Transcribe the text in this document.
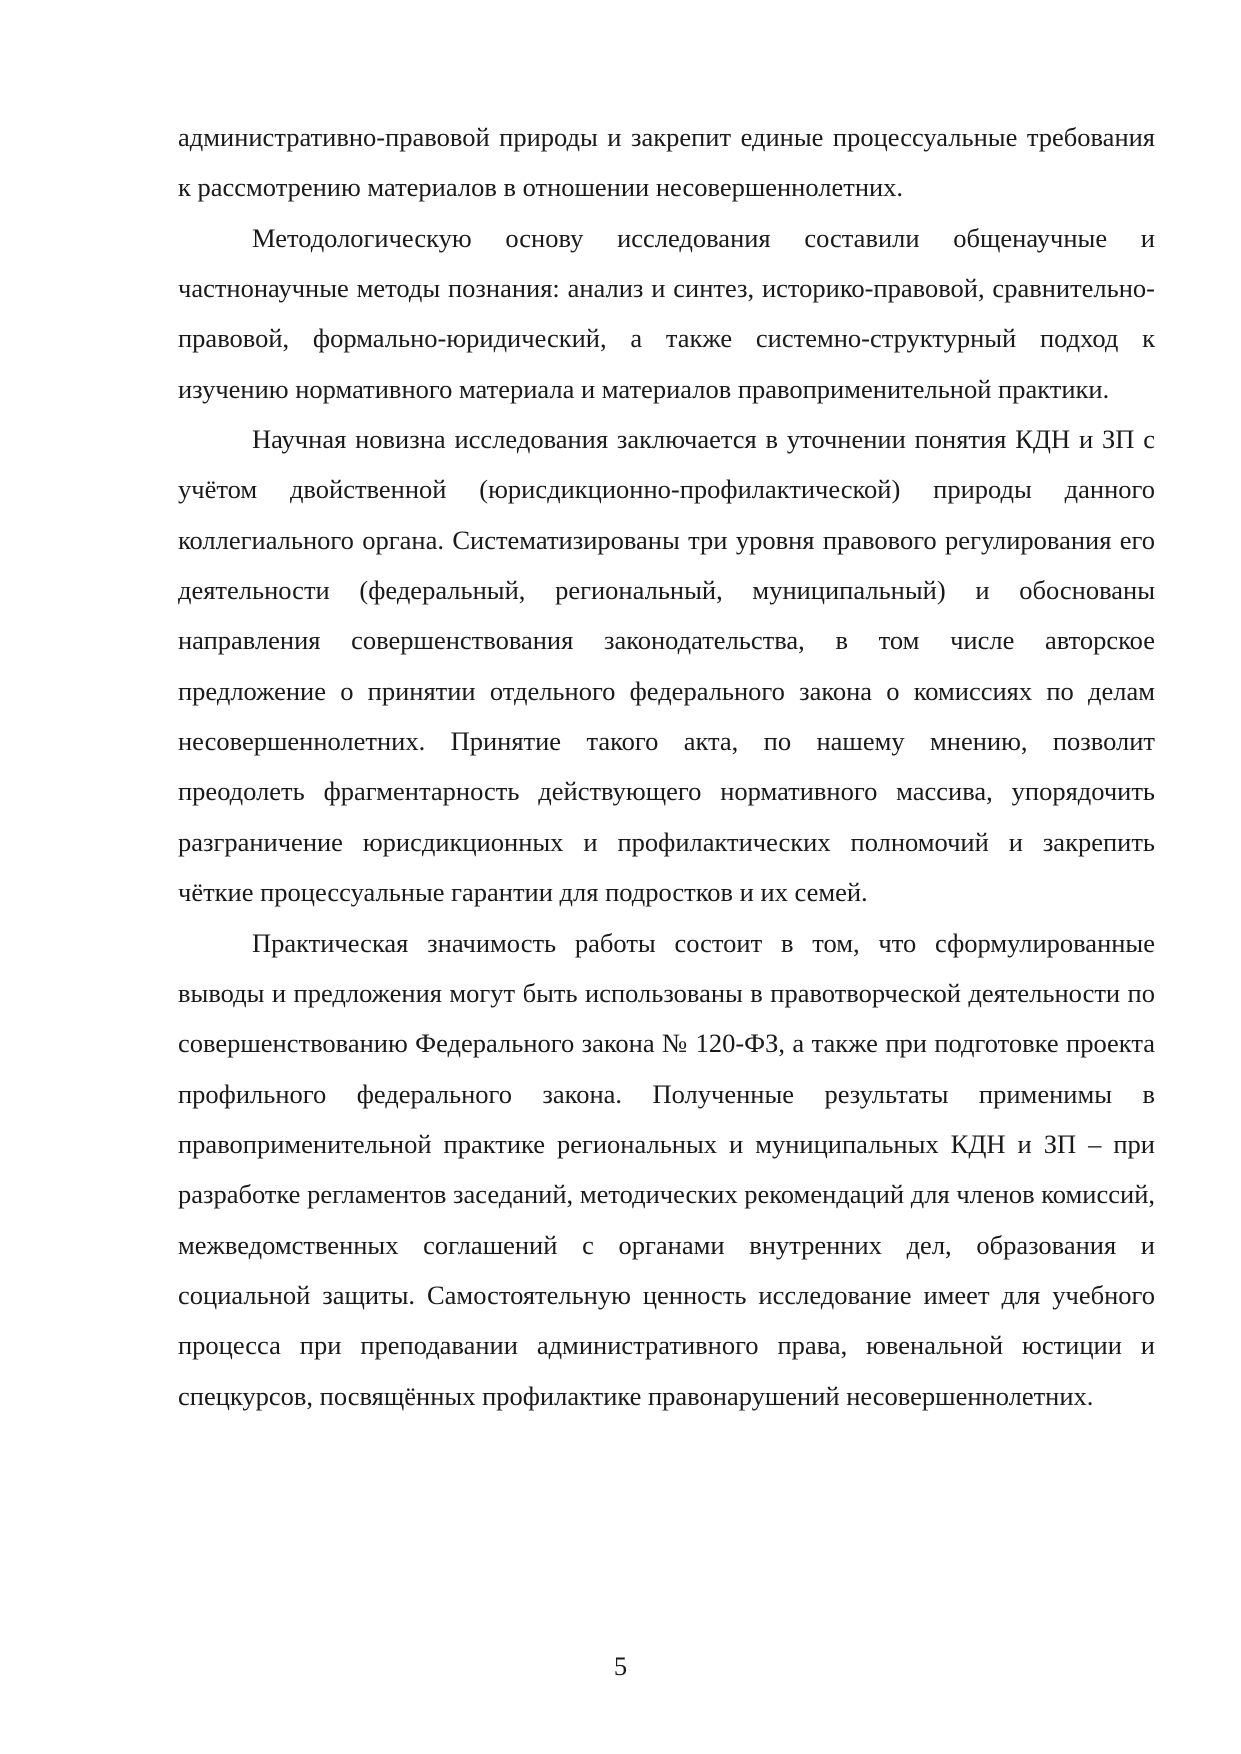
административно-правовой природы и закрепит единые процессуальные требования к рассмотрению материалов в отношении несовершеннолетних.

Методологическую основу исследования составили общенаучные и частнонаучные методы познания: анализ и синтез, историко-правовой, сравнительно-правовой, формально-юридический, а также системно-структурный подход к изучению нормативного материала и материалов правоприменительной практики.

Научная новизна исследования заключается в уточнении понятия КДН и ЗП с учётом двойственной (юрисдикционно-профилактической) природы данного коллегиального органа. Систематизированы три уровня правового регулирования его деятельности (федеральный, региональный, муниципальный) и обоснованы направления совершенствования законодательства, в том числе авторское предложение о принятии отдельного федерального закона о комиссиях по делам несовершеннолетних. Принятие такого акта, по нашему мнению, позволит преодолеть фрагментарность действующего нормативного массива, упорядочить разграничение юрисдикционных и профилактических полномочий и закрепить чёткие процессуальные гарантии для подростков и их семей.

Практическая значимость работы состоит в том, что сформулированные выводы и предложения могут быть использованы в правотворческой деятельности по совершенствованию Федерального закона № 120-ФЗ, а также при подготовке проекта профильного федерального закона. Полученные результаты применимы в правоприменительной практике региональных и муниципальных КДН и ЗП – при разработке регламентов заседаний, методических рекомендаций для членов комиссий, межведомственных соглашений с органами внутренних дел, образования и социальной защиты. Самостоятельную ценность исследование имеет для учебного процесса при преподавании административного права, ювенальной юстиции и спецкурсов, посвящённых профилактике правонарушений несовершеннолетних.

5
